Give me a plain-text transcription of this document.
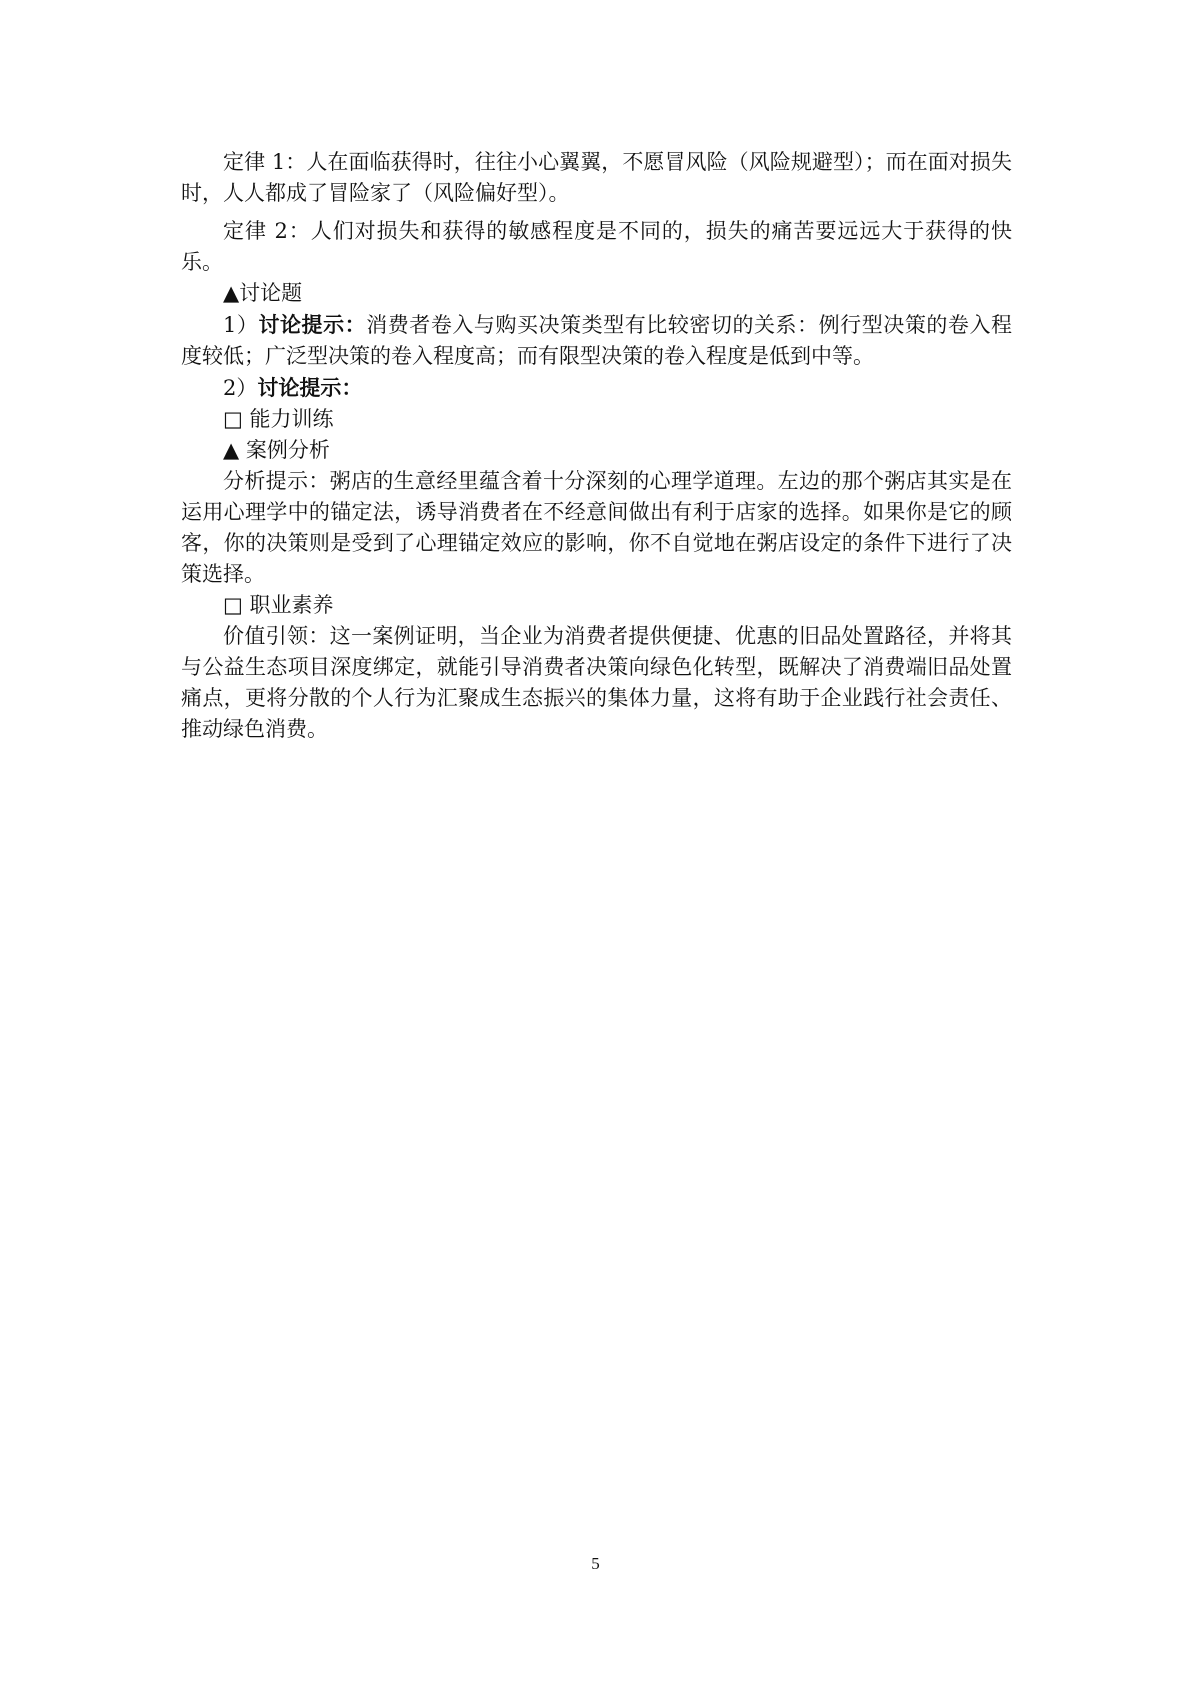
定律 1：人在面临获得时，往往小心翼翼，不愿冒风险（风险规避型）；而在面对损失时，人人都成了冒险家了（风险偏好型）。

定律 2：人们对损失和获得的敏感程度是不同的，损失的痛苦要远远大于获得的快乐。

▲讨论题

1）讨论提示：消费者卷入与购买决策类型有比较密切的关系：例行型决策的卷入程度较低；广泛型决策的卷入程度高；而有限型决策的卷入程度是低到中等。

2）讨论提示：

□ 能力训练

▲ 案例分析

分析提示：粥店的生意经里蕴含着十分深刻的心理学道理。左边的那个粥店其实是在运用心理学中的锚定法，诱导消费者在不经意间做出有利于店家的选择。如果你是它的顾客，你的决策则是受到了心理锚定效应的影响，你不自觉地在粥店设定的条件下进行了决策选择。

□ 职业素养

价值引领：这一案例证明，当企业为消费者提供便捷、优惠的旧品处置路径，并将其与公益生态项目深度绑定，就能引导消费者决策向绿色化转型，既解决了消费端旧品处置痛点，更将分散的个人行为汇聚成生态振兴的集体力量，这将有助于企业践行社会责任、推动绿色消费。

5
